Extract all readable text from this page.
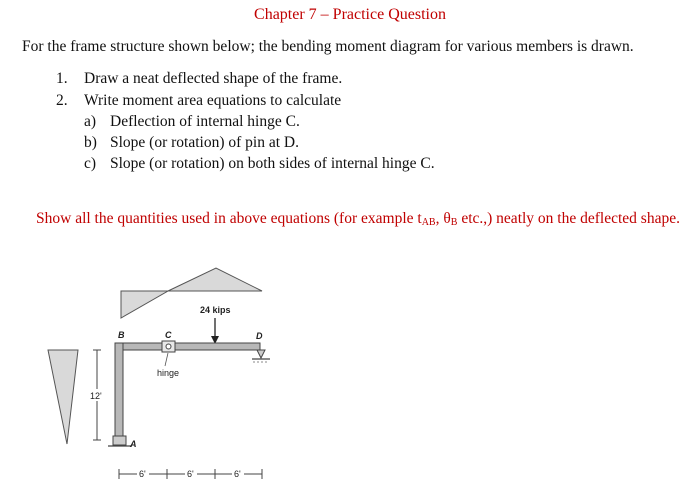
Chapter 7 – Practice Question
For the frame structure shown below; the bending moment diagram for various members is drawn.
1. Draw a neat deflected shape of the frame.
2. Write moment area equations to calculate
a) Deflection of internal hinge C.
b) Slope (or rotation) of pin at D.
c) Slope (or rotation) on both sides of internal hinge C.
Show all the quantities used in above equations (for example tAB, θB etc.,) neatly on the deflected shape.
24 kips
hinge
B	C	D
A
12'
6'	6'	6'
